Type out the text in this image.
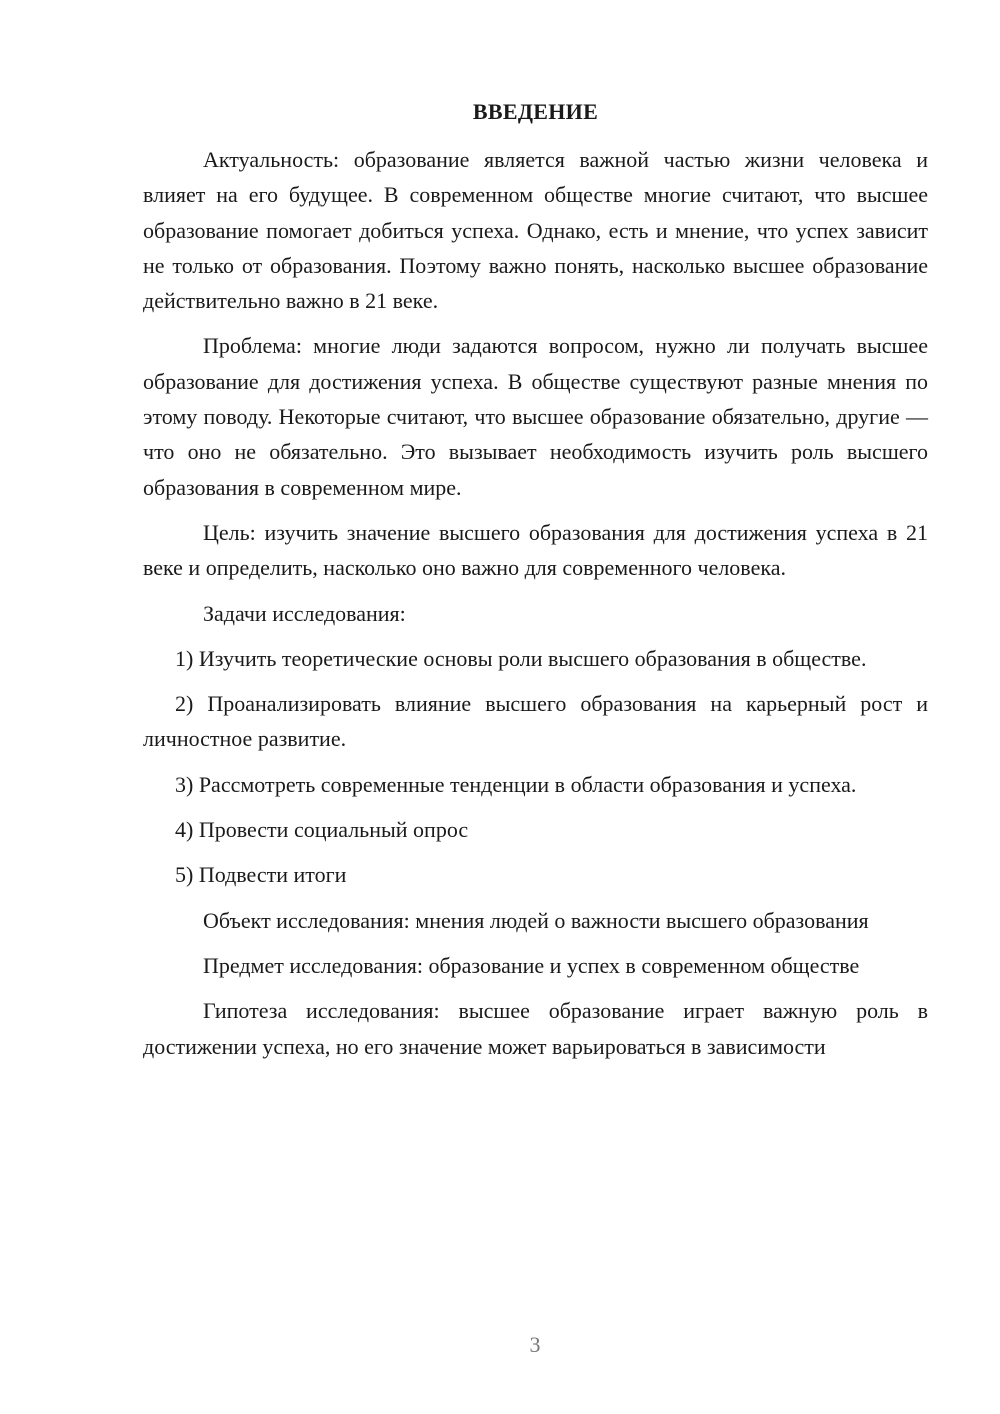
ВВЕДЕНИЕ

Актуальность: образование является важной частью жизни человека и влияет на его будущее. В современном обществе многие считают, что высшее образование помогает добиться успеха. Однако, есть и мнение, что успех зависит не только от образования. Поэтому важно понять, насколько высшее образование действительно важно в 21 веке.

Проблема: многие люди задаются вопросом, нужно ли получать высшее образование для достижения успеха. В обществе существуют разные мнения по этому поводу. Некоторые считают, что высшее образование обязательно, другие — что оно не обязательно. Это вызывает необходимость изучить роль высшего образования в современном мире.

Цель: изучить значение высшего образования для достижения успеха в 21 веке и определить, насколько оно важно для современного человека.

Задачи исследования:

1) Изучить теоретические основы роли высшего образования в обществе.

2) Проанализировать влияние высшего образования на карьерный рост и личностное развитие.

3) Рассмотреть современные тенденции в области образования и успеха.

4) Провести социальный опрос

5) Подвести итоги

Объект исследования: мнения людей о важности высшего образования

Предмет исследования: образование и успех в современном обществе

Гипотеза исследования: высшее образование играет важную роль в достижении успеха, но его значение может варьироваться в зависимости

3
